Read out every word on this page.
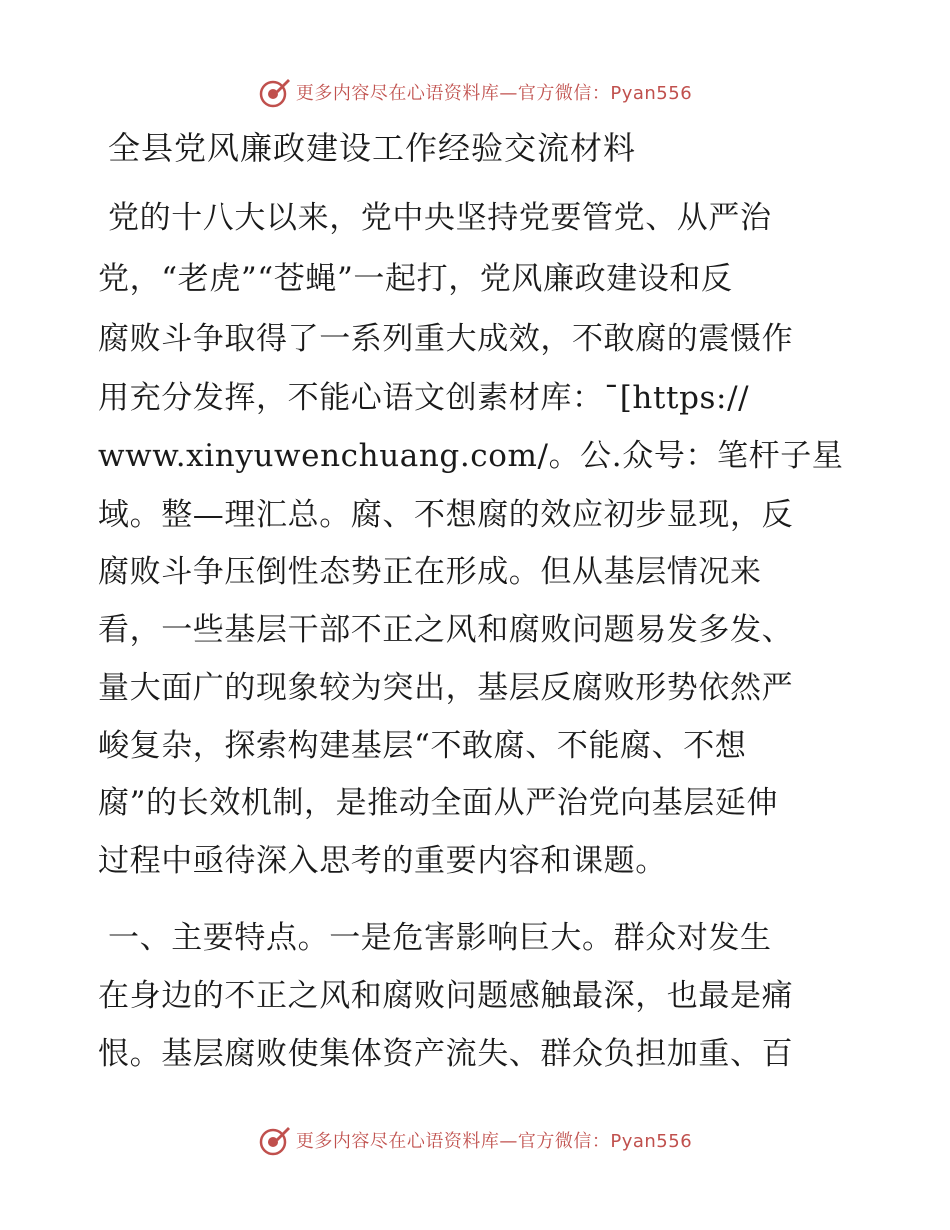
更多内容尽在心语资料库—官方微信：Pyan556
全县党风廉政建设工作经验交流材料
党的十八大以来，党中央坚持党要管党、从严治
党，“老虎”“苍蝇”一起打，党风廉政建设和反
腐败斗争取得了一系列重大成效，不敢腐的震慑作
用充分发挥，不能心语文创素材库：¯[https://
www.xinyuwenchuang.com/。公.众号：笔杆子星
域。整—理汇总。腐、不想腐的效应初步显现，反
腐败斗争压倒性态势正在形成。但从基层情况来
看，一些基层干部不正之风和腐败问题易发多发、
量大面广的现象较为突出，基层反腐败形势依然严
峻复杂，探索构建基层“不敢腐、不能腐、不想
腐”的长效机制，是推动全面从严治党向基层延伸
过程中亟待深入思考的重要内容和课题。
一、主要特点。一是危害影响巨大。群众对发生
在身边的不正之风和腐败问题感触最深，也最是痛
恨。基层腐败使集体资产流失、群众负担加重、百
更多内容尽在心语资料库—官方微信：Pyan556
